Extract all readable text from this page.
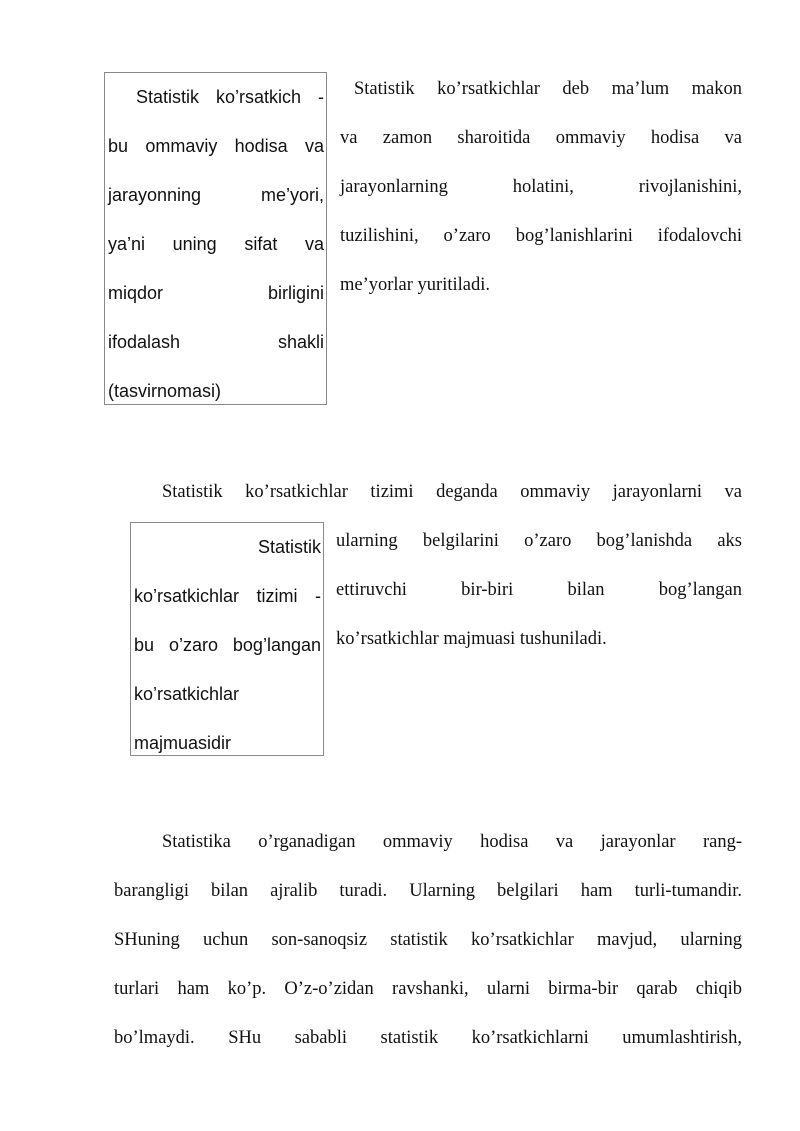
Statistik ko’rsatkich -
bu ommaviy hodisa va
jarayonning me’yori,
ya’ni uning sifat va
miqdor birligini
ifodalash shakli
(tasvirnomasi)
Statistik ko’rsatkichlar deb ma’lum makon
va zamon sharoitida ommaviy hodisa va
jarayonlarning holatini, rivojlanishini,
tuzilishini, o’zaro bog’lanishlarini ifodalovchi
me’yorlar yuritiladi.
Statistik ko’rsatkichlar tizimi deganda ommaviy jarayonlarni va
ularning belgilarini o’zaro bog’lanishda aks
ettiruvchi bir-biri bilan bog’langan
ko’rsatkichlar majmuasi tushuniladi.
Statistik
ko’rsatkichlar tizimi -
bu o’zaro bog’langan
ko’rsatkichlar
majmuasidir
Statistika o’rganadigan ommaviy hodisa va jarayonlar rang-
barangligi bilan ajralib turadi. Ularning belgilari ham turli-tumandir.
SHuning uchun son-sanoqsiz statistik ko’rsatkichlar mavjud, ularning
turlari ham ko’p. O’z-o’zidan ravshanki, ularni birma-bir qarab chiqib
bo’lmaydi. SHu sababli statistik ko’rsatkichlarni umumlashtirish,
